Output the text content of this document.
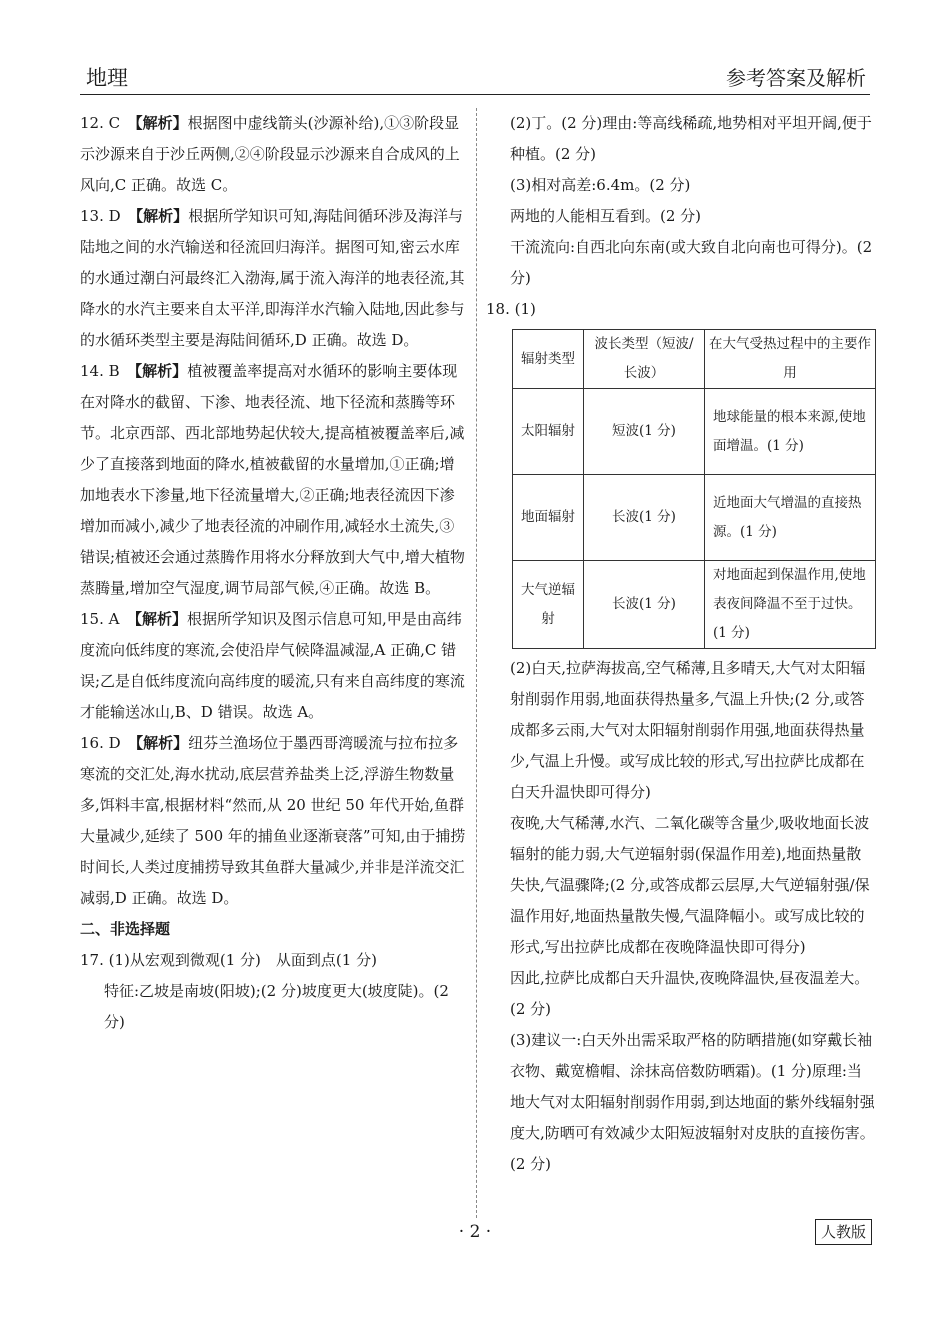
地理	参考答案及解析
12. C　 【解析】根据图中虚线箭头(沙源补给),①③阶段显示沙源来自于沙丘两侧,②④阶段显示沙源来自合成风的上风向,C 正确。故选 C。
13. D　 【解析】根据所学知识可知,海陆间循环涉及海洋与陆地之间的水汽输送和径流回归海洋。据图可知,密云水库的水通过潮白河最终汇入渤海,属于流入海洋的地表径流,其降水的水汽主要来自太平洋,即海洋水汽输入陆地,因此参与的水循环类型主要是海陆间循环,D 正确。故选 D。
14. B　 【解析】植被覆盖率提高对水循环的影响主要体现在对降水的截留、下渗、地表径流、地下径流和蒸腾等环节。北京西部、西北部地势起伏较大,提高植被覆盖率后,减少了直接落到地面的降水,植被截留的水量增加,①正确;增加地表水下渗量,地下径流量增大,②正确;地表径流因下渗增加而减小,减少了地表径流的冲刷作用,减轻水土流失,③错误;植被还会通过蒸腾作用将水分释放到大气中,增大植物蒸腾量,增加空气湿度,调节局部气候,④正确。故选 B。
15. A　 【解析】根据所学知识及图示信息可知,甲是由高纬度流向低纬度的寒流,会使沿岸气候降温减湿,A 正确,C 错误;乙是自低纬度流向高纬度的暖流,只有来自高纬度的寒流才能输送冰山,B、D 错误。故选 A。
16. D　 【解析】纽芬兰渔场位于墨西哥湾暖流与拉布拉多寒流的交汇处,海水扰动,底层营养盐类上泛,浮游生物数量多,饵料丰富,根据材料“然而,从 20 世纪 50 年代开始,鱼群大量减少,延续了 500 年的捕鱼业逐渐衰落”可知,由于捕捞时间长,人类过度捕捞导致其鱼群大量减少,并非是洋流交汇减弱,D 正确。故选 D。
二、非选择题
17. (1)从宏观到微观(1 分)　从面到点(1 分)
特征:乙坡是南坡(阳坡);(2 分)坡度更大(坡度陡)。(2 分)
(2)丁。(2 分)理由:等高线稀疏,地势相对平坦开阔,便于种植。(2 分)
(3)相对高差:6.4m。(2 分)
两地的人能相互看到。(2 分)
干流流向:自西北向东南(或大致自北向南也可得分)。(2 分)
18. (1)
辐射类型	波长类型（短波/长波）	在大气受热过程中的主要作用
太阳辐射	短波(1 分)	地球能量的根本来源,使地面增温。(1 分)
地面辐射	长波(1 分)	近地面大气增温的直接热源。(1 分)
大气逆辐射	长波(1 分)	对地面起到保温作用,使地表夜间降温不至于过快。(1 分)
(2)白天,拉萨海拔高,空气稀薄,且多晴天,大气对太阳辐射削弱作用弱,地面获得热量多,气温上升快;(2 分,或答成都多云雨,大气对太阳辐射削弱作用强,地面获得热量少,气温上升慢。或写成比较的形式,写出拉萨比成都在白天升温快即可得分)
夜晚,大气稀薄,水汽、二氧化碳等含量少,吸收地面长波辐射的能力弱,大气逆辐射弱(保温作用差),地面热量散失快,气温骤降;(2 分,或答成都云层厚,大气逆辐射强/保温作用好,地面热量散失慢,气温降幅小。或写成比较的形式,写出拉萨比成都在夜晚降温快即可得分)
因此,拉萨比成都白天升温快,夜晚降温快,昼夜温差大。(2 分)
(3)建议一:白天外出需采取严格的防晒措施(如穿戴长袖衣物、戴宽檐帽、涂抹高倍数防晒霜)。(1 分)原理:当地大气对太阳辐射削弱作用弱,到达地面的紫外线辐射强度大,防晒可有效减少太阳短波辐射对皮肤的直接伤害。(2 分)
· 2 ·	人教版
